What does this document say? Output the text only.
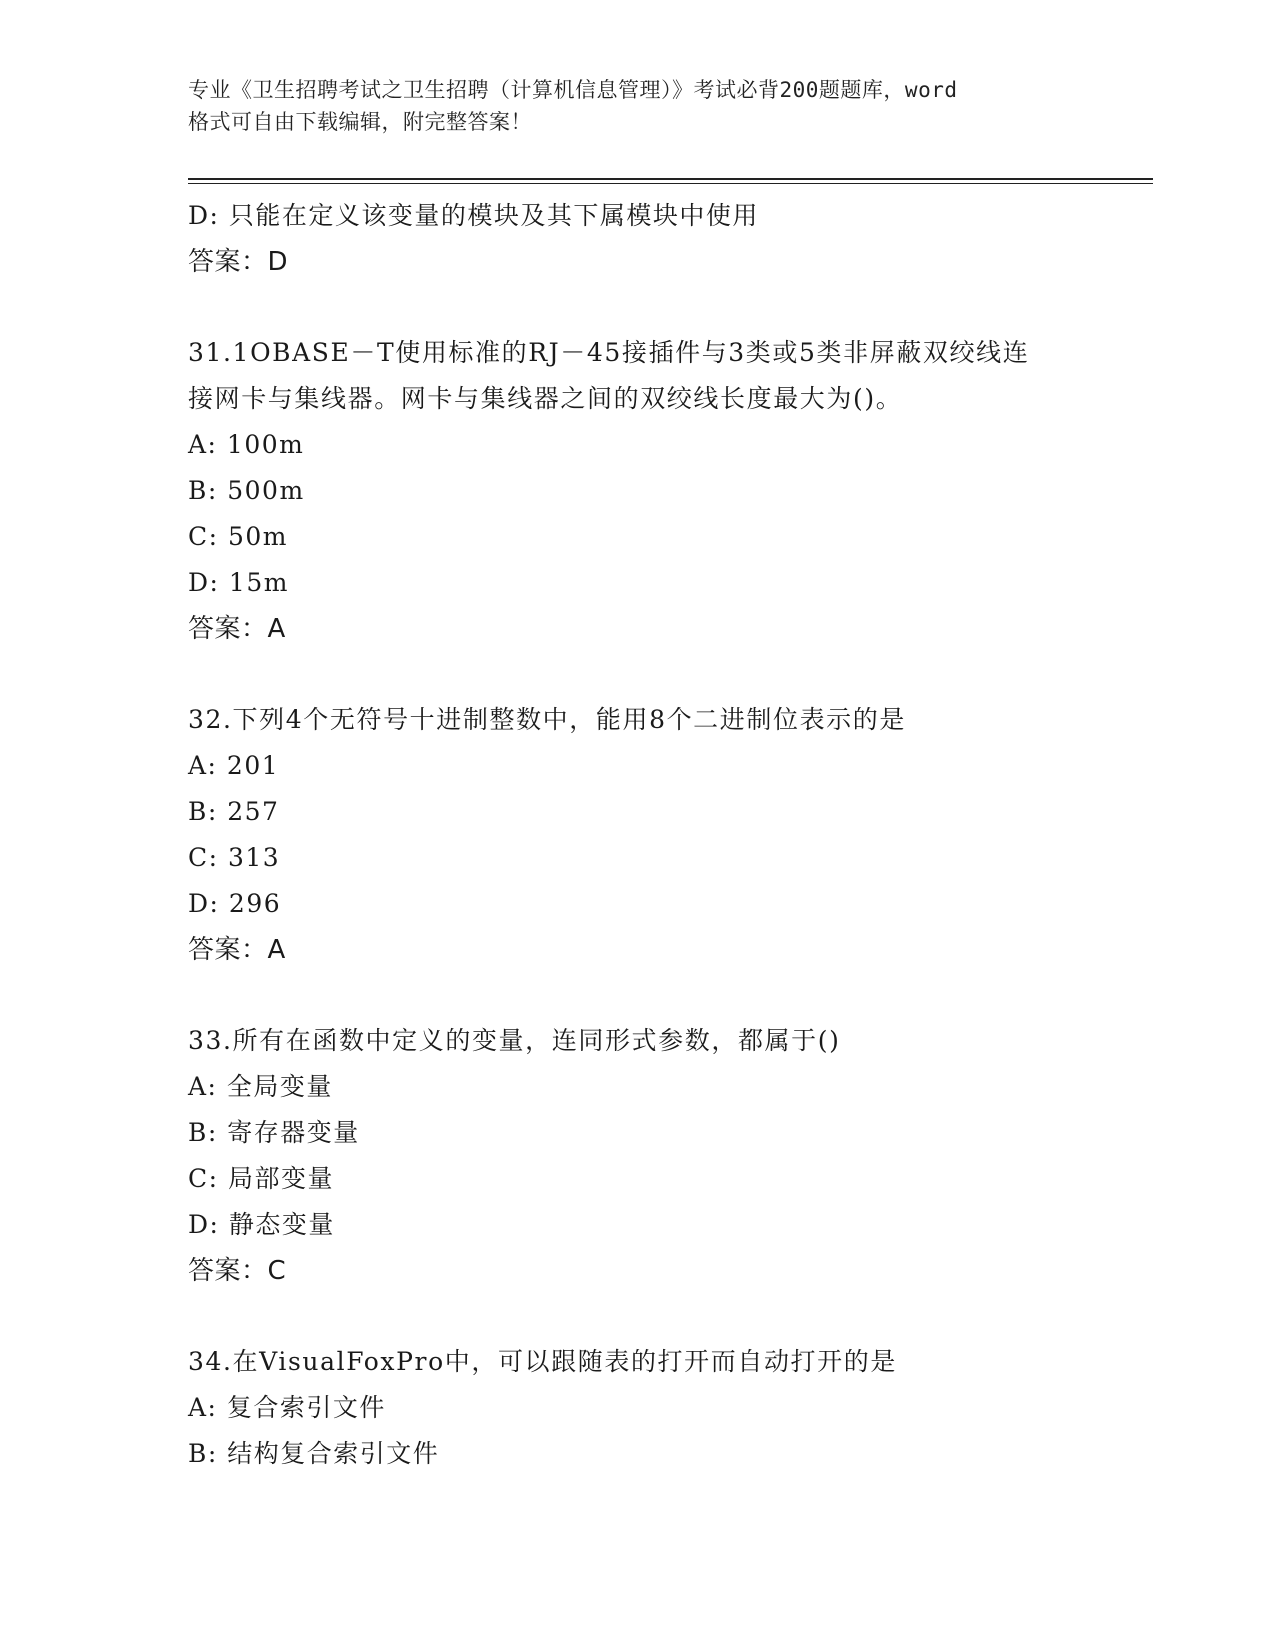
专业《卫生招聘考试之卫生招聘（计算机信息管理）》考试必背200题题库，word
格式可自由下载编辑，附完整答案！
D: 只能在定义该变量的模块及其下属模块中使用
答案：D
31.1OBASE－T使用标准的RJ－45接插件与3类或5类非屏蔽双绞线连
接网卡与集线器。网卡与集线器之间的双绞线长度最大为()。
A: 100m
B: 500m
C: 50m
D: 15m
答案：A
32.下列4个无符号十进制整数中，能用8个二进制位表示的是
A: 201
B: 257
C: 313
D: 296
答案：A
33.所有在函数中定义的变量，连同形式参数，都属于()
A: 全局变量
B: 寄存器变量
C: 局部变量
D: 静态变量
答案：C
34.在VisualFoxPro中，可以跟随表的打开而自动打开的是
A: 复合索引文件
B: 结构复合索引文件
